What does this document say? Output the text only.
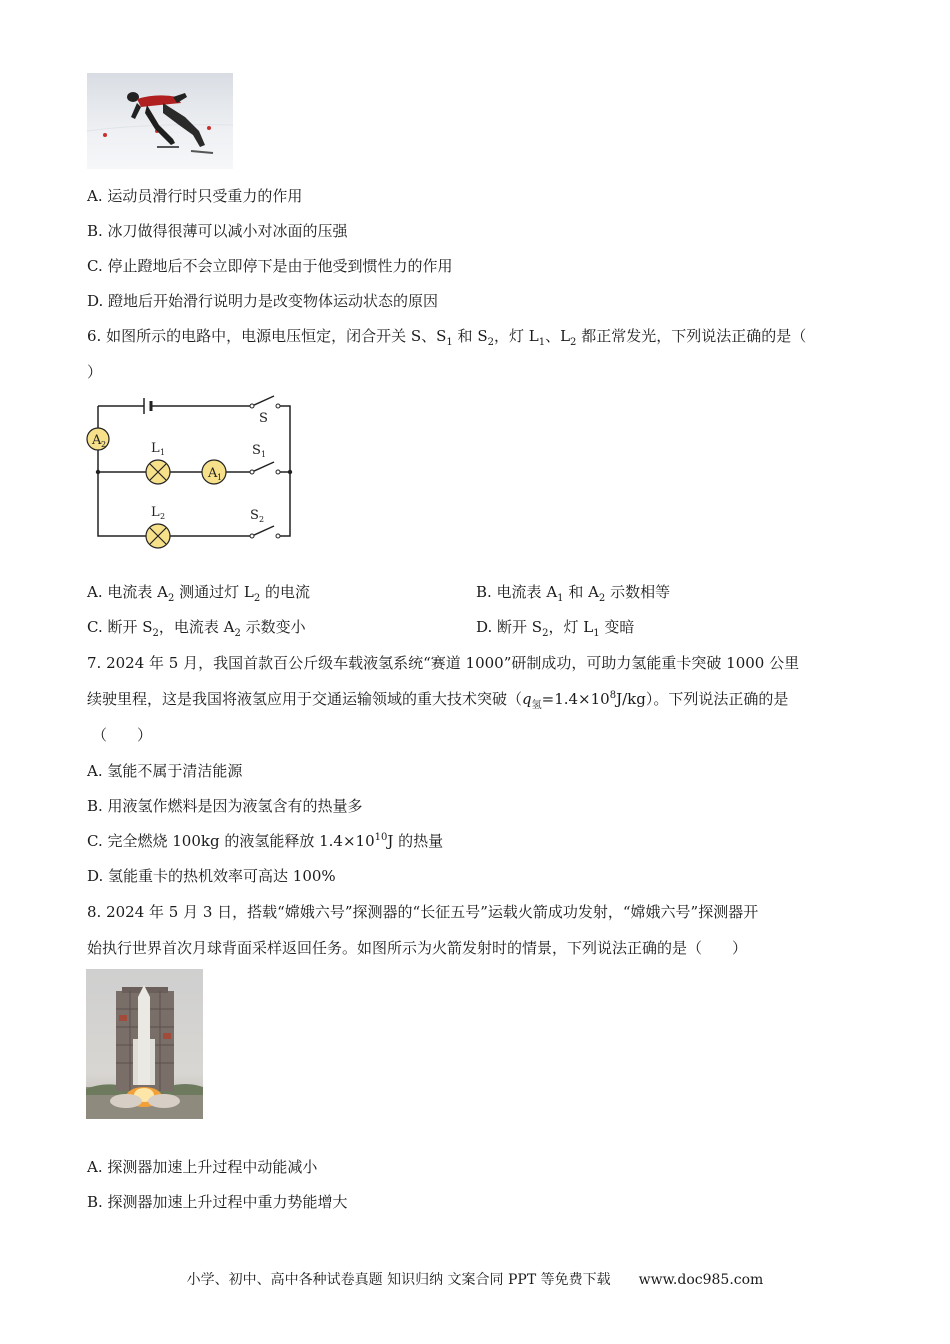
A. 运动员滑行时只受重力的作用
B. 冰刀做得很薄可以减小对冰面的压强
C. 停止蹬地后不会立即停下是由于他受到惯性力的作用
D. 蹬地后开始滑行说明力是改变物体运动状态的原因
6. 如图所示的电路中，电源电压恒定，闭合开关 S、$S_1$ 和 $S_2$，灯 $L_1$、$L_2$ 都正常发光，下列说法正确的是（
）
A 2	L 1
A 1
L 2
S
S 1
S 2
A. 电流表 $A_2$ 测通过灯 $L_2$ 的电流	B. 电流表 $A_1$ 和 $A_2$ 示数相等
C. 断开 $S_2$，电流表 $A_2$ 示数变小	D. 断开 $S_2$，灯 $L_1$ 变暗
7. 2024 年 5 月，我国首款百公斤级车载液氢系统“赛道 1000”研制成功，可助力氢能重卡突破 1000 公里
续驶里程，这是我国将液氢应用于交通运输领域的重大技术突破$(q_氢=1.4\times 10^8J/kg)$。下列说法正确的是
（　　）
A. 氢能不属于清洁能源
B. 用液氢作燃料是因为液氢含有的热量多
C. 完全燃烧 100kg 的液氢能释放 $1.4\times 10^{10}J$ 的热量
D. 氢能重卡的热机效率可高达 100%
8. 2024 年 5 月 3 日，搭载“嫦娥六号”探测器的“长征五号”运载火箭成功发射，“嫦娥六号”探测器开
始执行世界首次月球背面采样返回任务。如图所示为火箭发射时的情景，下列说法正确的是（　　）
A. 探测器加速上升过程中动能减小
B. 探测器加速上升过程中重力势能增大
小学、初中、高中各种试卷真题 知识归纳 文案合同 PPT 等免费下载　　www.doc985.com
